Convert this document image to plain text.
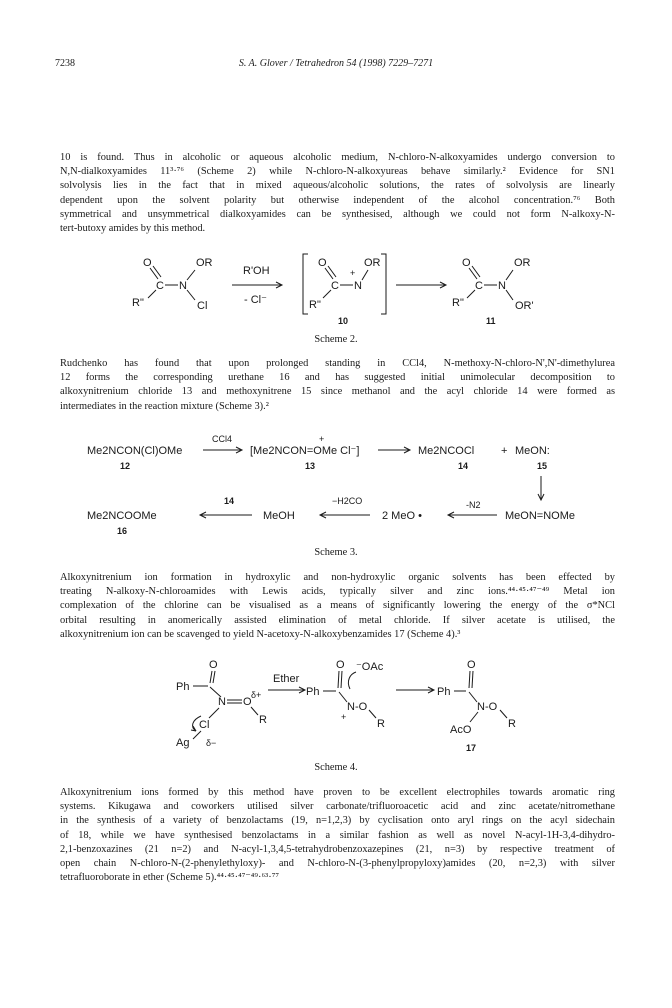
7238	S. A. Glover / Tetrahedron 54 (1998) 7229–7271

10 is found. Thus in alcoholic or aqueous alcoholic medium, N-chloro-N-alkoxyamides undergo conversion to
N,N-dialkoxyamides 11³·⁷⁶ (Scheme 2) while N-chloro-N-alkoxyureas behave similarly.² Evidence for SN1
solvolysis lies in the fact that in mixed aqueous/alcoholic solutions, the rates of solvolysis are linearly
dependent upon the solvent polarity but otherwise independent of the alcohol concentration.⁷⁶ Both
symmetrical and unsymmetrical dialkoxyamides can be synthesised, although we could not form N-alkoxy-N-
tert-butoxy amides by this method.

O
C N
OR
Cl
R"
R'OH
- Cl⁻
O
C N
+
OR
R"
10
O
C N
OR
OR'
R"
11
Scheme 2.

Rudchenko has found that upon prolonged standing in CCl4, N-methoxy-N-chloro-N',N'-dimethylurea
12 forms the corresponding urethane 16 and has suggested initial unimolecular decomposition to
alkoxynitrenium chloride 13 and methoxynitrene 15 since methanol and the acyl chloride 14 were formed as
intermediates in the reaction mixture (Scheme 3).²

Me2NCON(Cl)OMe
12
CCl4
[Me2NCON=OMe Cl⁻]
+
13
Me2NCOCl + MeON:
14	15
Me2NCOOMe
16
14
MeOH
−H2CO
2 MeO •
-N2
MeON=NOMe
Scheme 3.

Alkoxynitrenium ion formation in hydroxylic and non-hydroxylic organic solvents has been effected by
treating N-alkoxy-N-chloroamides with Lewis acids, typically silver and zinc ions.⁴⁴·⁴⁵·⁴⁷⁻⁴⁹ Metal ion
complexation of the chlorine can be visualised as a means of significantly lowering the energy of the σ*NCl
orbital resulting in anomerically assisted elimination of metal chloride. If silver acetate is utilised, the
alkoxynitrenium ion can be scavenged to yield N-acetoxy-N-alkoxybenzamides 17 (Scheme 4).³

O
Ph
N O
δ+
R
Cl
Ag δ−
Ether
Ph
O ⁻OAc
N-O
+
R
Ph
O
N-O
R
AcO
17
Scheme 4.

Alkoxynitrenium ions formed by this method have proven to be excellent electrophiles towards aromatic ring
systems. Kikugawa and coworkers utilised silver carbonate/trifluoroacetic acid and zinc acetate/nitromethane
in the synthesis of a variety of benzolactams (19, n=1,2,3) by cyclisation onto aryl rings on the acyl sidechain
of 18, while we have synthesised benzolactams in a similar fashion as well as novel N-acyl-1H-3,4-dihydro-
2,1-benzoxazines (21 n=2) and N-acyl-1,3,4,5-tetrahydrobenzoxazepines (21, n=3) by respective treatment of
open chain N-chloro-N-(2-phenylethyloxy)- and N-chloro-N-(3-phenylpropyloxy)amides (20, n=2,3) with silver
tetrafluoroborate in ether (Scheme 5).⁴⁴·⁴⁵·⁴⁷⁻⁴⁹·⁶³·⁷⁷
